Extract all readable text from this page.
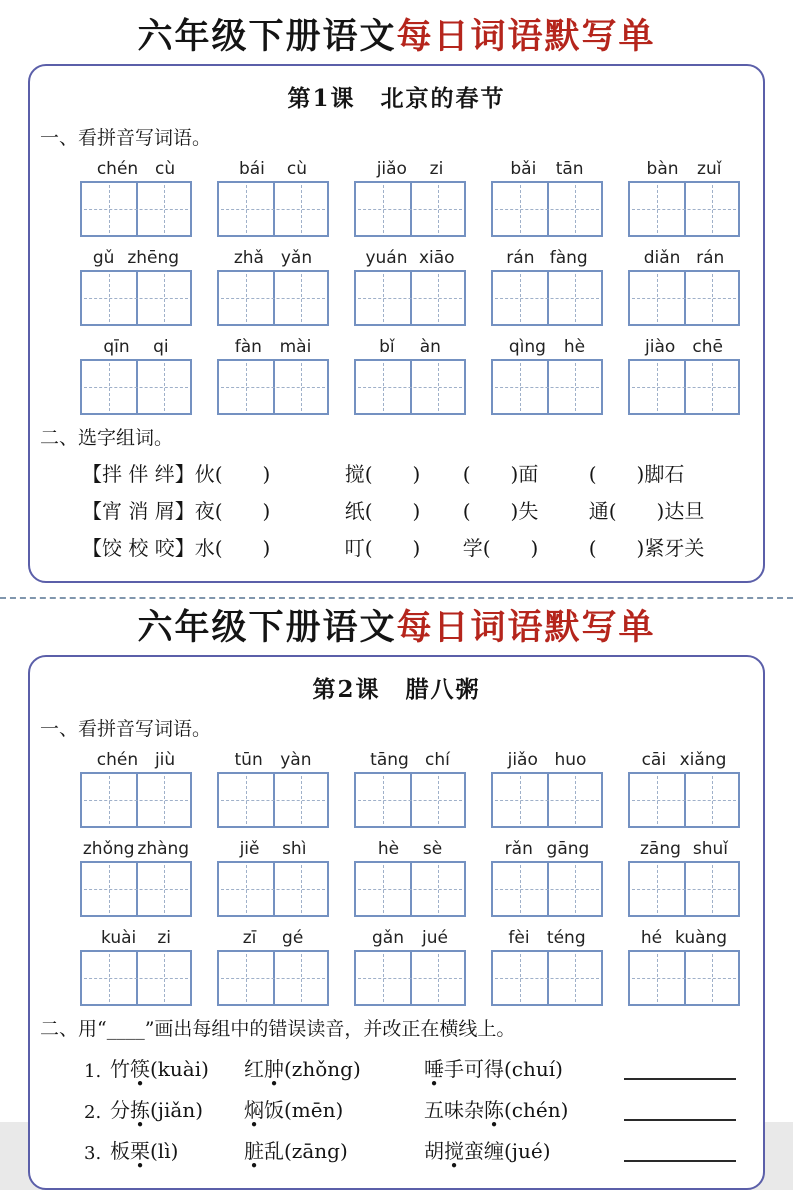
六年级下册语文每日词语默写单
第1课　北京的春节
一、看拼音写词语。
chén cù	bái cù	jiǎo zi	bǎi tān	bàn zuǐ
gǔ zhēng	zhǎ yǎn	yuán xiāo	rán fàng	diǎn rán
qīn qi	fàn mài	bǐ àn	qìng hè	jiào chē
二、选字组词。
【拌 伴 绊】 伙(　　)	搅(　　)	(　　)面	(　　)脚石
【宵 消 屑】 夜(　　)	纸(　　)	(　　)失	通(　　)达旦
【饺 校 咬】 水(　　)	叮(　　)	学(　　)	(　　)紧牙关
六年级下册语文每日词语默写单
第2课　腊八粥
一、看拼音写词语。
chén jiù	tūn yàn	tāng chí	jiǎo huo	cāi xiǎng
zhǒng zhàng	jiě shì	hè sè	rǎn gāng	zāng shuǐ
kuài zi	zī gé	gǎn jué	fèi téng	hé kuàng
二、用“____”画出每组中的错误读音，并改正在横线上。
1. 竹筷(kuài)	红肿(zhǒng)	唾手可得(chuí)
2. 分拣(jiǎn)	焖饭(mēn)	五味杂陈(chén)
3. 板栗(lì)	脏乱(zāng)	胡搅蛮缠(jué)
